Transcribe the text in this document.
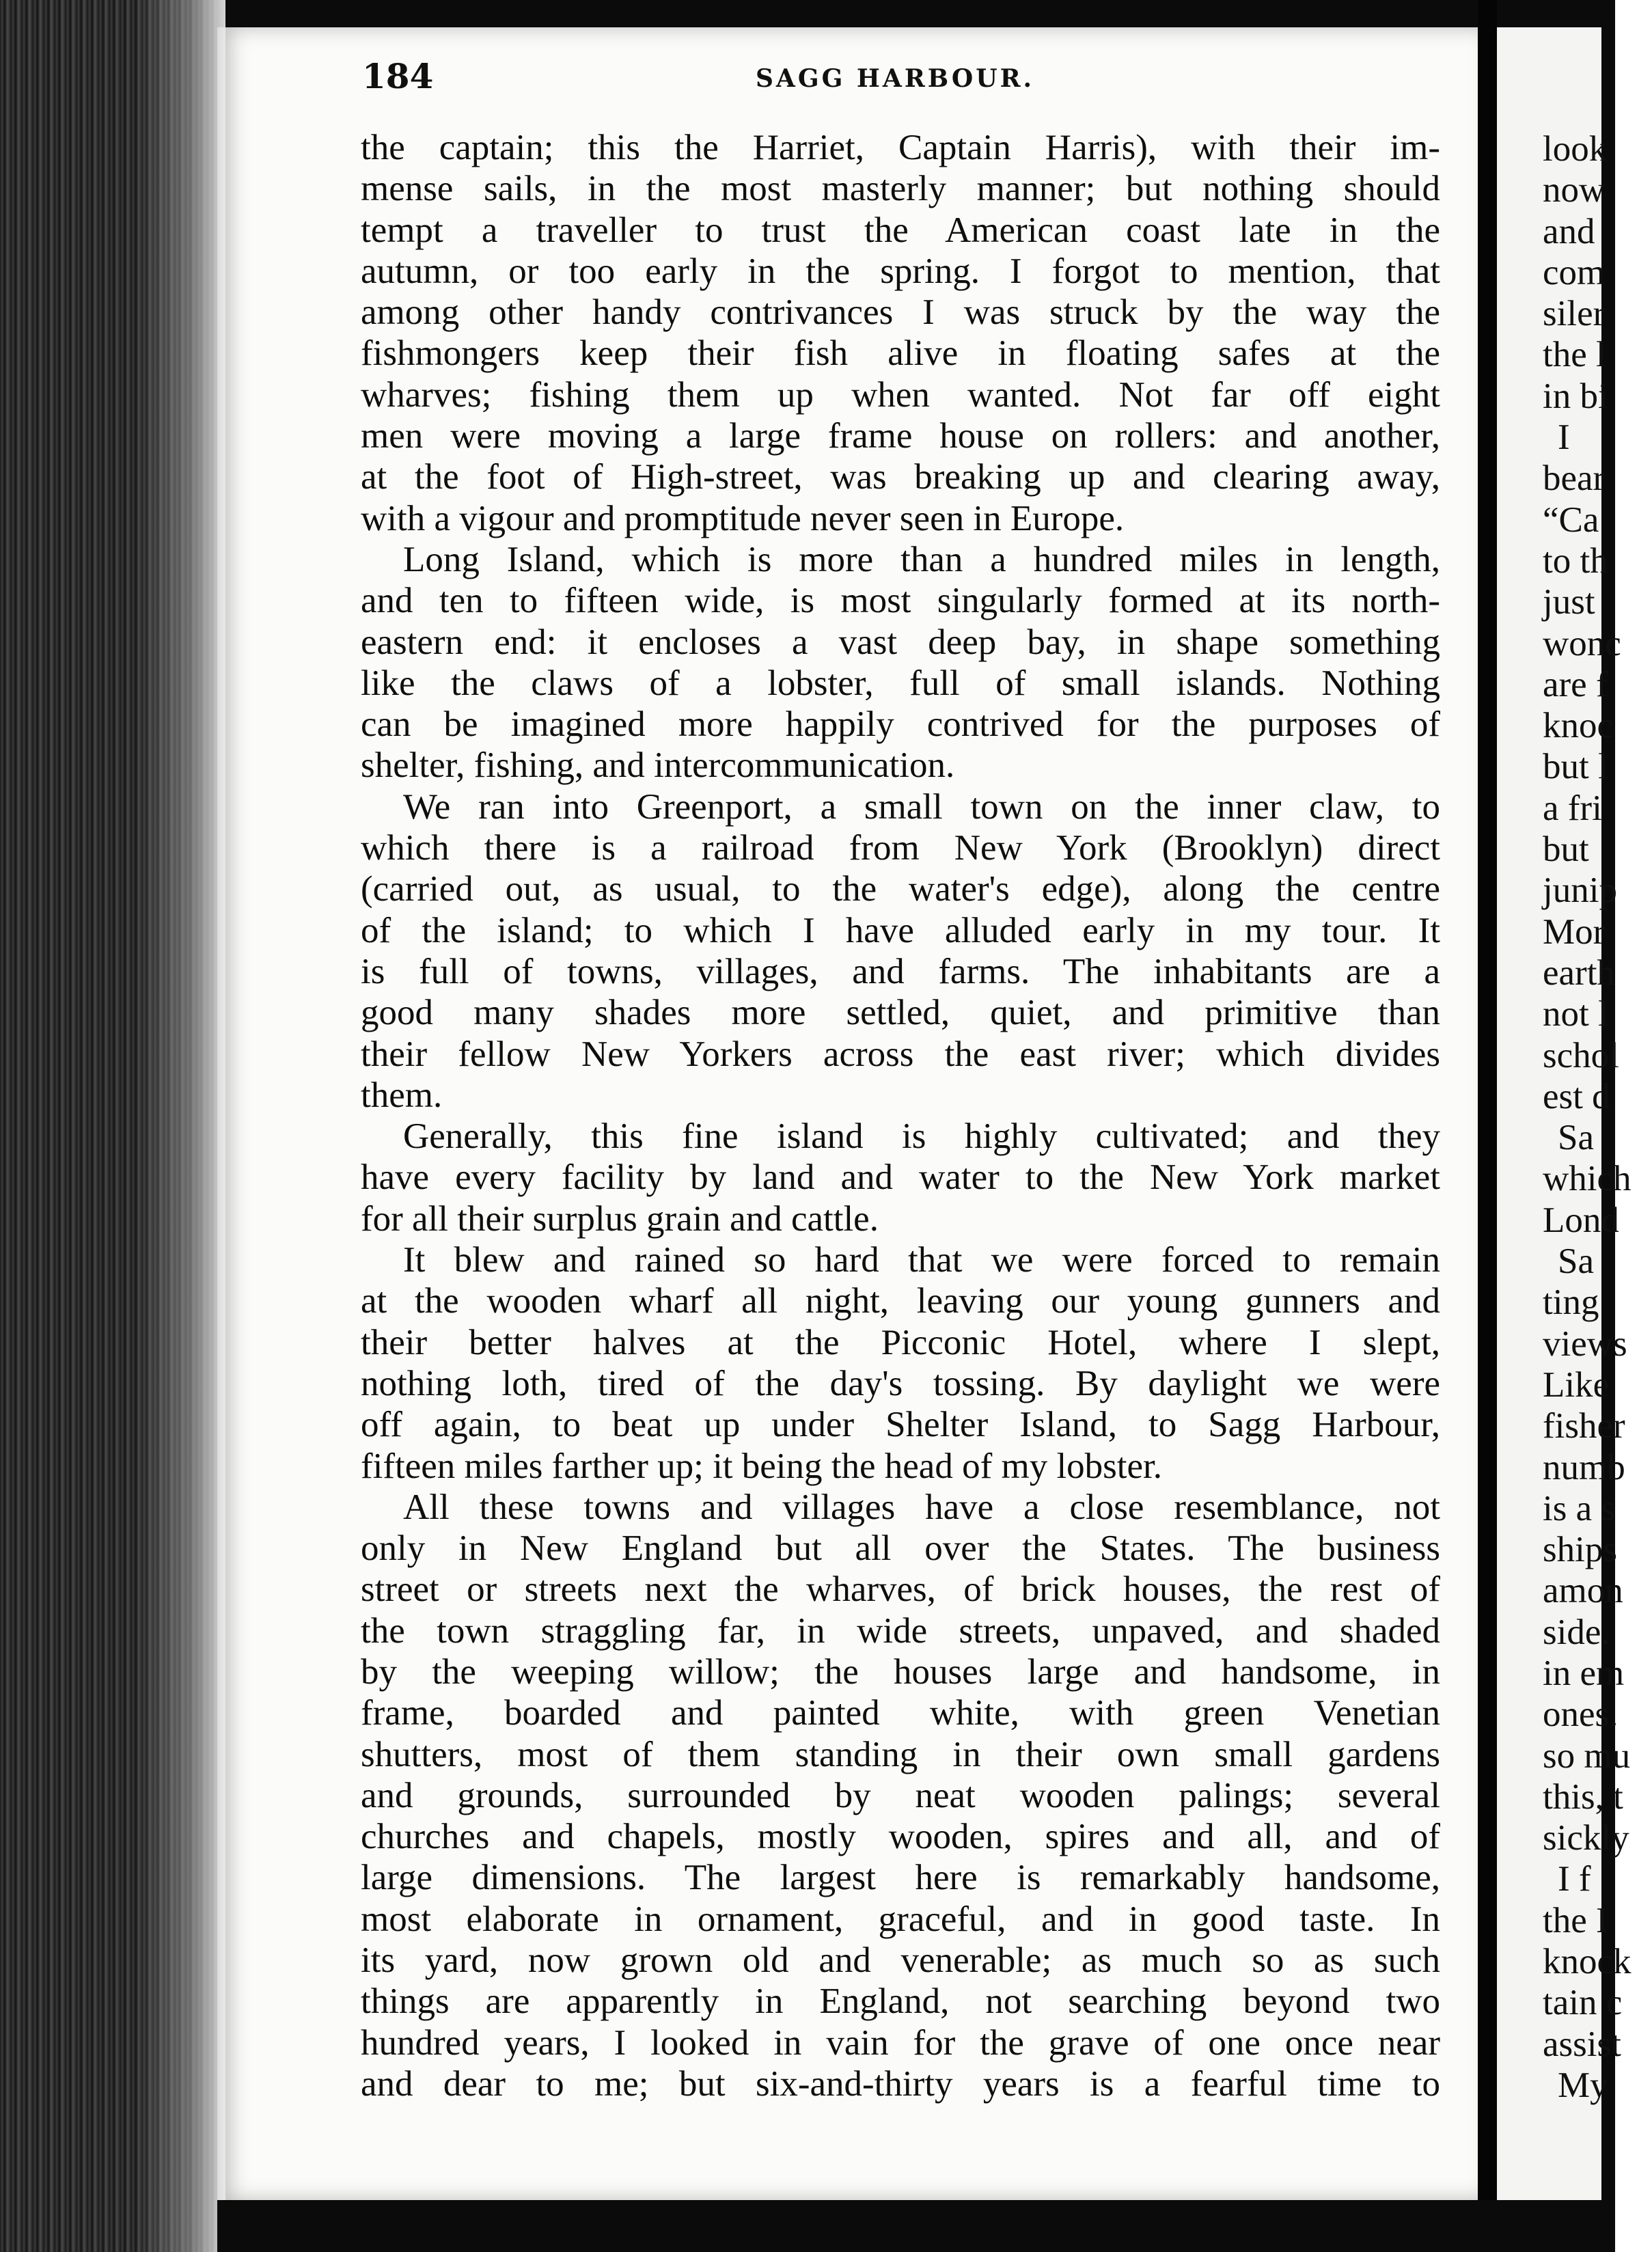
184	SAGG HARBOUR.
the captain; this the Harriet, Captain Harris), with their im-
mense sails, in the most masterly manner; but nothing should
tempt a traveller to trust the American coast late in the
autumn, or too early in the spring. I forgot to mention, that
among other handy contrivances I was struck by the way the
fishmongers keep their fish alive in floating safes at the
wharves; fishing them up when wanted. Not far off eight
men were moving a large frame house on rollers: and another,
at the foot of High-street, was breaking up and clearing away,
with a vigour and promptitude never seen in Europe.
Long Island, which is more than a hundred miles in length,
and ten to fifteen wide, is most singularly formed at its north-
eastern end: it encloses a vast deep bay, in shape something
like the claws of a lobster, full of small islands. Nothing
can be imagined more happily contrived for the purposes of
shelter, fishing, and intercommunication.
We ran into Greenport, a small town on the inner claw, to
which there is a railroad from New York (Brooklyn) direct
(carried out, as usual, to the water's edge), along the centre
of the island; to which I have alluded early in my tour. It
is full of towns, villages, and farms. The inhabitants are a
good many shades more settled, quiet, and primitive than
their fellow New Yorkers across the east river; which divides
them.
Generally, this fine island is highly cultivated; and they
have every facility by land and water to the New York market
for all their surplus grain and cattle.
It blew and rained so hard that we were forced to remain
at the wooden wharf all night, leaving our young gunners and
their better halves at the Picconic Hotel, where I slept,
nothing loth, tired of the day's tossing. By daylight we were
off again, to beat up under Shelter Island, to Sagg Harbour,
fifteen miles farther up; it being the head of my lobster.
All these towns and villages have a close resemblance, not
only in New England but all over the States. The business
street or streets next the wharves, of brick houses, the rest of
the town straggling far, in wide streets, unpaved, and shaded
by the weeping willow; the houses large and handsome, in
frame, boarded and painted white, with green Venetian
shutters, most of them standing in their own small gardens
and grounds, surrounded by neat wooden palings; several
churches and chapels, mostly wooden, spires and all, and of
large dimensions. The largest here is remarkably handsome,
most elaborate in ornament, graceful, and in good taste. In
its yard, now grown old and venerable; as much so as such
things are apparently in England, not searching beyond two
hundred years, I looked in vain for the grave of one once near
and dear to me; but six-and-thirty years is a fearful time to
look
now
and
com
siler
the l
in bi
I
bear
“Ca
to th
just
wonc
are f
knoc
but l
a fri
but
junip
Mor
earth
not l
schol
est d
Sa
which
Lond
Sa
ting
views
Like
fisher
numb
is a s
ships
amon
side.
in em
ones.
so mu
this, t
sickly
I f
the I
knock
tain c
assist
My
